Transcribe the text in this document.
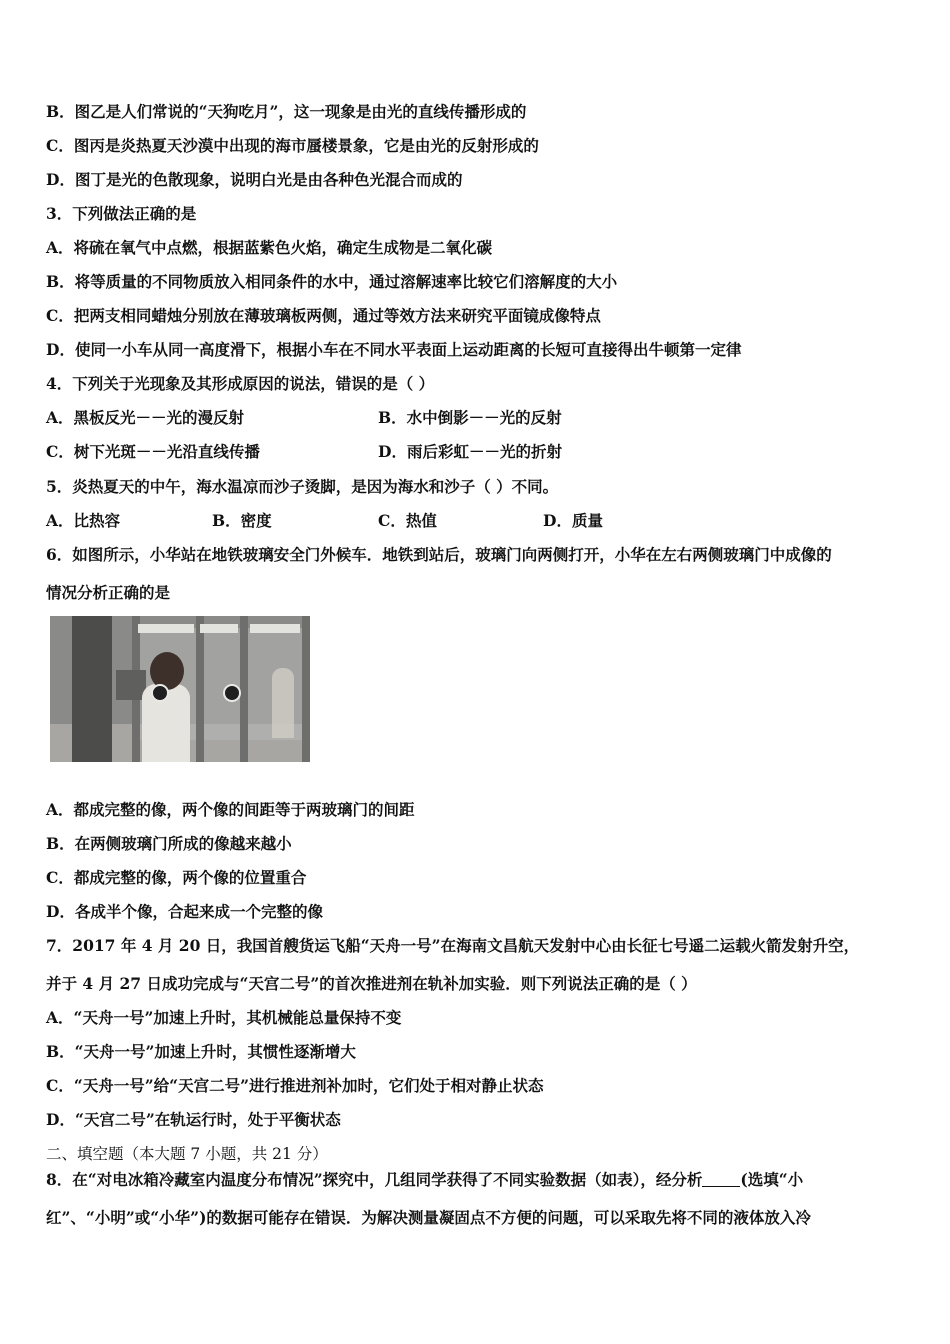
B．图乙是人们常说的“天狗吃月”，这一现象是由光的直线传播形成的
C．图丙是炎热夏天沙漠中出现的海市蜃楼景象，它是由光的反射形成的
D．图丁是光的色散现象，说明白光是由各种色光混合而成的
3．下列做法正确的是
A．将硫在氧气中点燃，根据蓝紫色火焰，确定生成物是二氧化碳
B．将等质量的不同物质放入相同条件的水中，通过溶解速率比较它们溶解度的大小
C．把两支相同蜡烛分别放在薄玻璃板两侧，通过等效方法来研究平面镜成像特点
D．使同一小车从同一高度滑下，根据小车在不同水平表面上运动距离的长短可直接得出牛顿第一定律
4．下列关于光现象及其形成原因的说法，错误的是（ ）
A．黑板反光－－光的漫反射	B．水中倒影－－光的反射
C．树下光斑－－光沿直线传播	D．雨后彩虹－－光的折射
5．炎热夏天的中午，海水温凉而沙子烫脚，是因为海水和沙子（ ）不同。
A．比热容	B．密度	C．热值	D．质量
6．如图所示，小华站在地铁玻璃安全门外候车．地铁到站后，玻璃门向两侧打开，小华在左右两侧玻璃门中成像的
情况分析正确的是
A．都成完整的像，两个像的间距等于两玻璃门的间距
B．在两侧玻璃门所成的像越来越小
C．都成完整的像，两个像的位置重合
D．各成半个像，合起来成一个完整的像
7．2017 年 4 月 20 日，我国首艘货运飞船“天舟一号”在海南文昌航天发射中心由长征七号遥二运载火箭发射升空，
并于 4 月 27 日成功完成与“天宫二号”的首次推进剂在轨补加实验．则下列说法正确的是（ ）
A．“天舟一号”加速上升时，其机械能总量保持不变
B．“天舟一号”加速上升时，其惯性逐渐增大
C．“天舟一号”给“天宫二号”进行推进剂补加时，它们处于相对静止状态
D．“天宫二号”在轨运行时，处于平衡状态
二、填空题（本大题 7 小题，共 21 分）
8．在“对电冰箱冷藏室内温度分布情况”探究中，几组同学获得了不同实验数据（如表），经分析 (选填“小
红”、“小明”或“小华”)的数据可能存在错误．为解决测量凝固点不方便的问题，可以采取先将不同的液体放入冷
